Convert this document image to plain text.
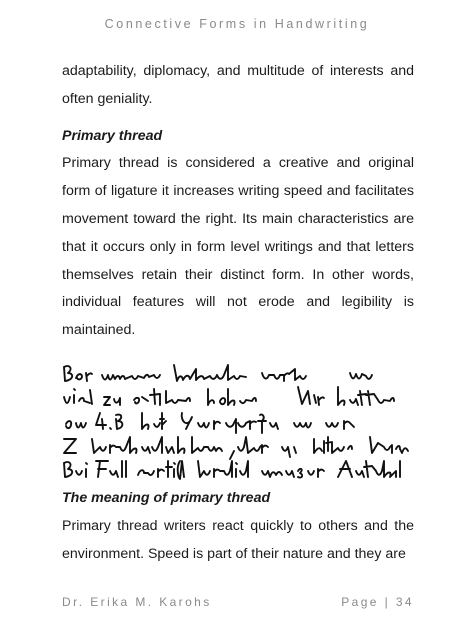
Connective Forms in Handwriting

adaptability, diplomacy, and multitude of interests and often geniality.

Primary thread

Primary thread is considered a creative and original form of ligature it increases writing speed and facilitates movement toward the right. Its main characteristics are that it occurs only in form level writings and that letters themselves retain their distinct form. In other words, individual features will not erode and legibility is maintained.

The meaning of primary thread

Primary thread writers react quickly to others and the environment. Speed is part of their nature and they are

Dr. Erika M. Karohs	Page | 34
